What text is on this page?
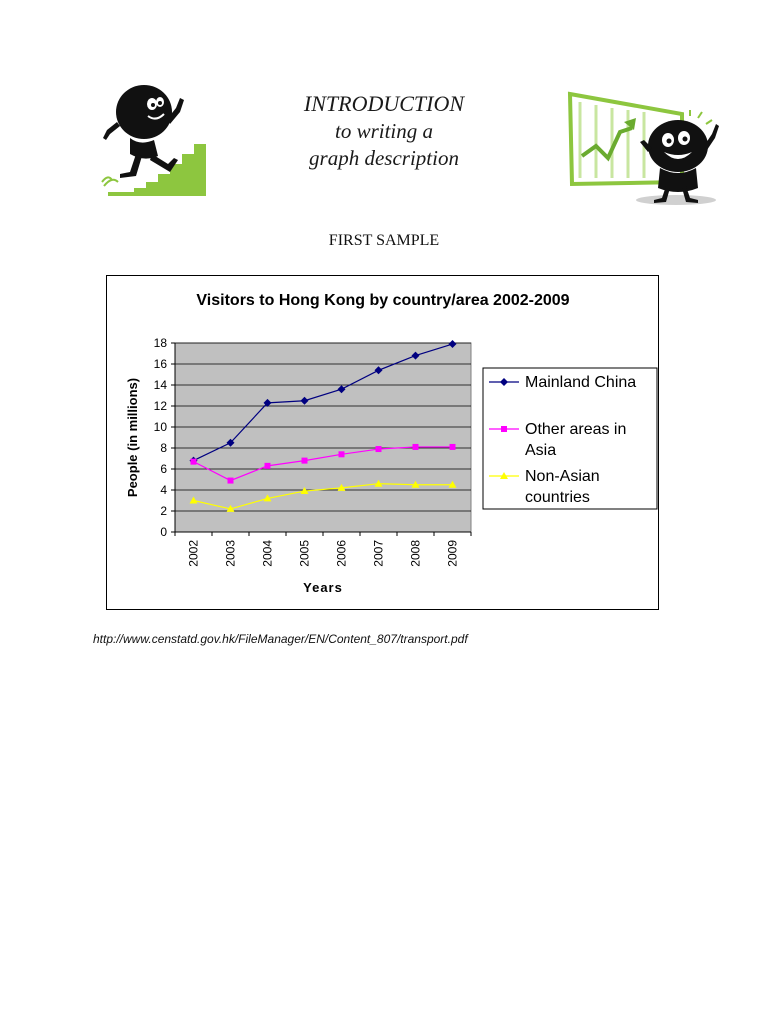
INTRODUCTION
to writing a
graph description
FIRST SAMPLE
Visitors to Hong Kong by country/area 2002-2009
0
2
4
6
8
10
12
14
16
18
2002 2003 2004 2005 2006 2007 2008 2009
Years
People (in millions)	Mainland China
Other areas in
Asia
Non-Asian
countries
http://www.censtatd.gov.hk/FileManager/EN/Content_807/transport.pdf
